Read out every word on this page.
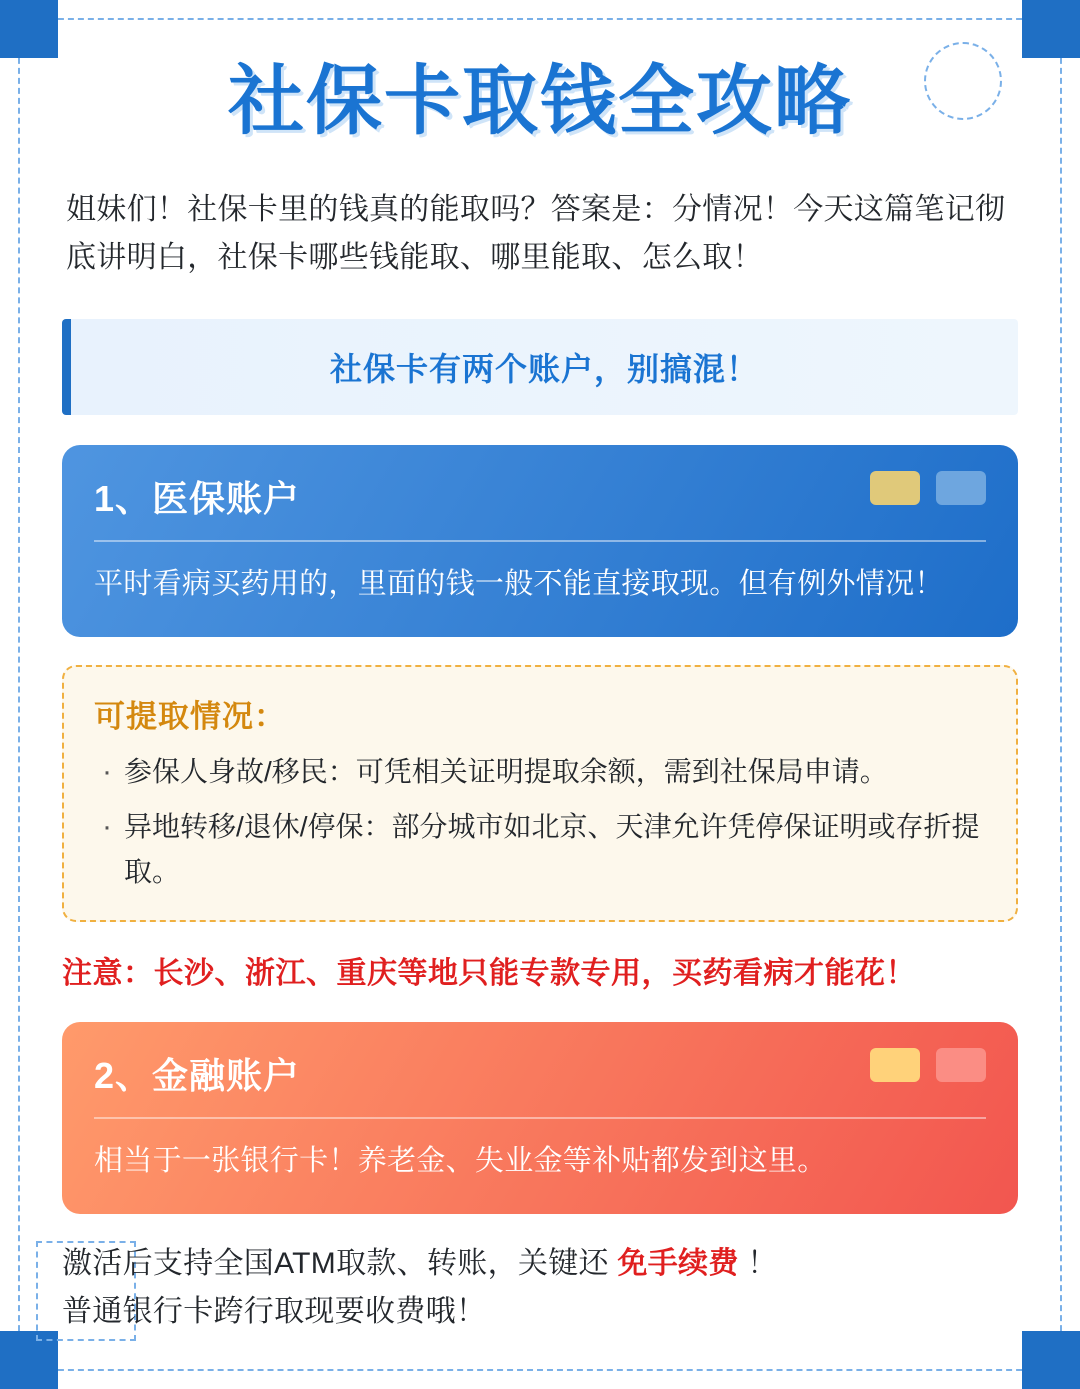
社保卡取钱全攻略

姐妹们！社保卡里的钱真的能取吗？答案是：分情况！今天这篇笔记彻底讲明白，社保卡哪些钱能取、哪里能取、怎么取！

社保卡有两个账户，别搞混！
1、医保账户
平时看病买药用的，里面的钱一般不能直接取现。但有例外情况！
可提取情况：
· 参保人身故/移民：可凭相关证明提取余额，需到社保局申请。
· 异地转移/退休/停保：部分城市如北京、天津允许凭停保证明或存折提取。
注意：长沙、浙江、重庆等地只能专款专用，买药看病才能花！
2、金融账户
相当于一张银行卡！养老金、失业金等补贴都发到这里。
激活后支持全国ATM取款、转账，关键还 免手续费 ！
普通银行卡跨行取现要收费哦！
